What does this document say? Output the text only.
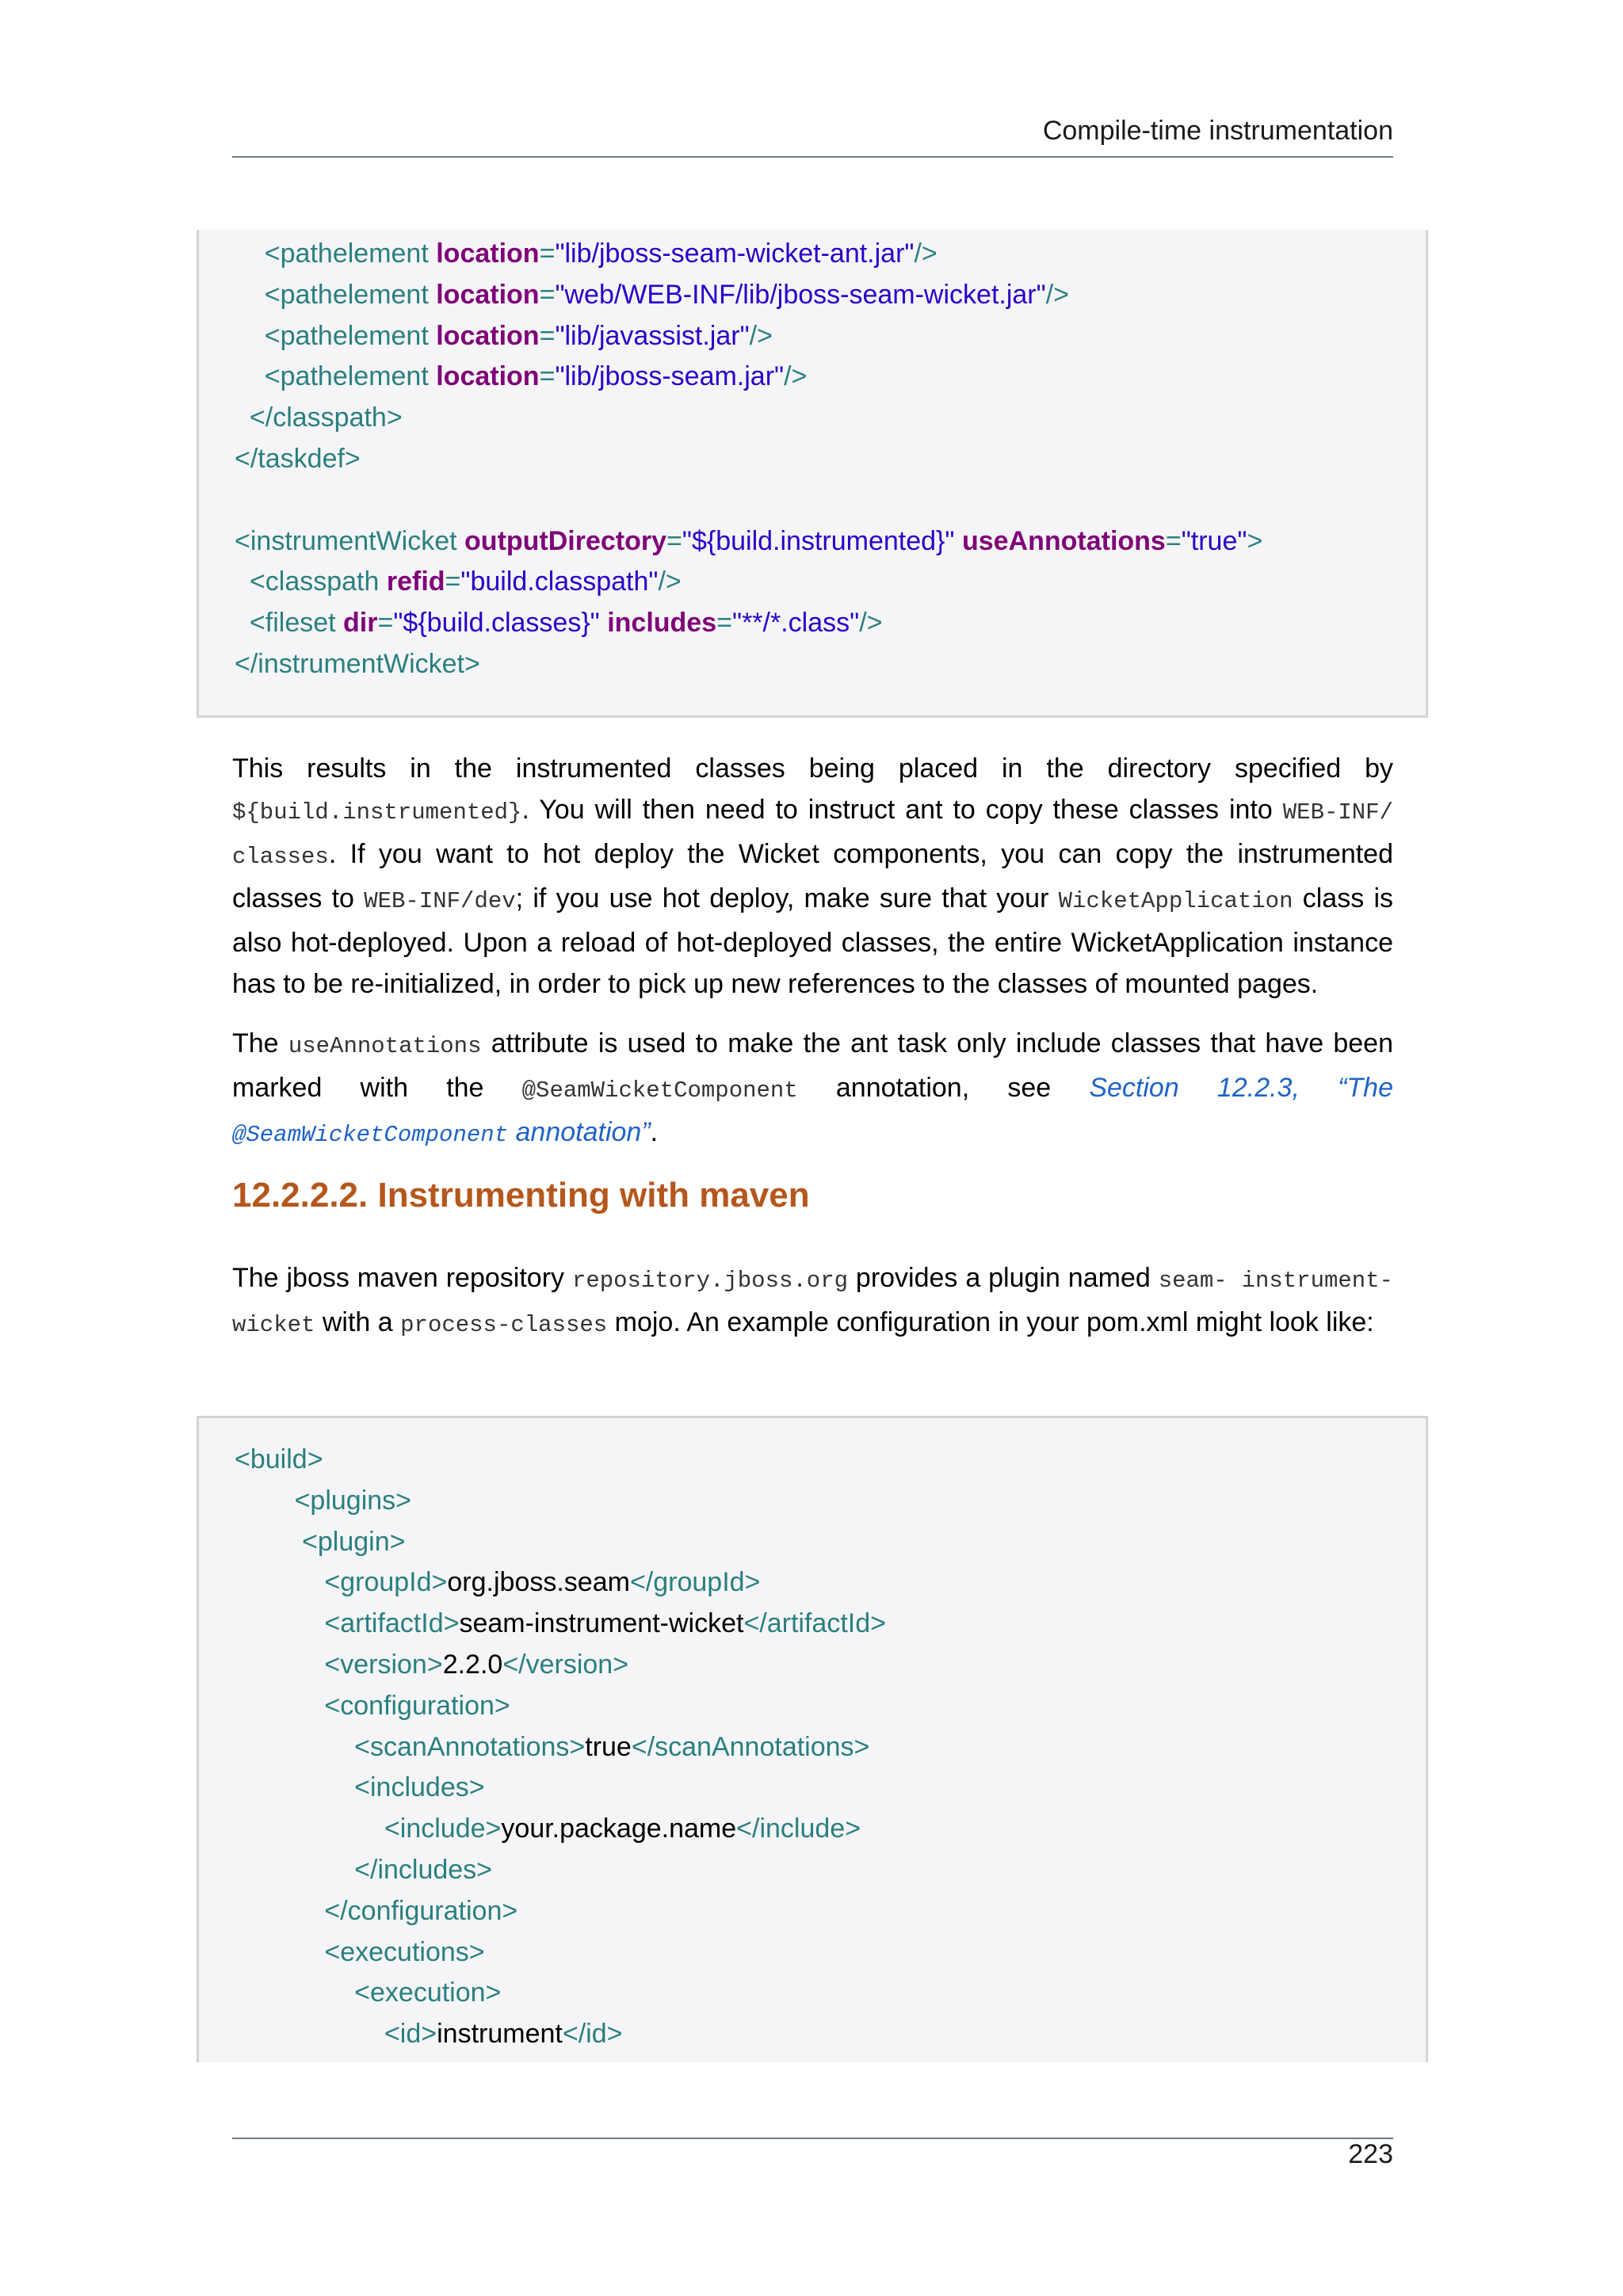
Compile-time instrumentation
<pathelement location="lib/jboss-seam-wicket-ant.jar"/>
<pathelement location="web/WEB-INF/lib/jboss-seam-wicket.jar"/>
<pathelement location="lib/javassist.jar"/>
<pathelement location="lib/jboss-seam.jar"/>
</classpath>
</taskdef>
<instrumentWicket outputDirectory="${build.instrumented}" useAnnotations="true">
<classpath refid="build.classpath"/>
<fileset dir="${build.classes}" includes="**/*.class"/>
</instrumentWicket>

This results in the instrumented classes being placed in the directory specified by ${build.instrumented}. You will then need to instruct ant to copy these classes into WEB-INF/ classes. If you want to hot deploy the Wicket components, you can copy the instrumented classes to WEB-INF/dev; if you use hot deploy, make sure that your WicketApplication class is also hot-deployed. Upon a reload of hot-deployed classes, the entire WicketApplication instance has to be re-initialized, in order to pick up new references to the classes of mounted pages.

The useAnnotations attribute is used to make the ant task only include classes that have been marked with the @SeamWicketComponent annotation, see Section 12.2.3, “The @SeamWicketComponent annotation”.

12.2.2.2. Instrumenting with maven

The jboss maven repository repository.jboss.org provides a plugin named seam- instrument-wicket with a process-classes mojo. An example configuration in your pom.xml might look like:

<build>
<plugins>
<plugin>
<groupId>org.jboss.seam</groupId>
<artifactId>seam-instrument-wicket</artifactId>
<version>2.2.0</version>
<configuration>
<scanAnnotations>true</scanAnnotations>
<includes>
<include>your.package.name</include>
</includes>
</configuration>
<executions>
<execution>
<id>instrument</id>
223
